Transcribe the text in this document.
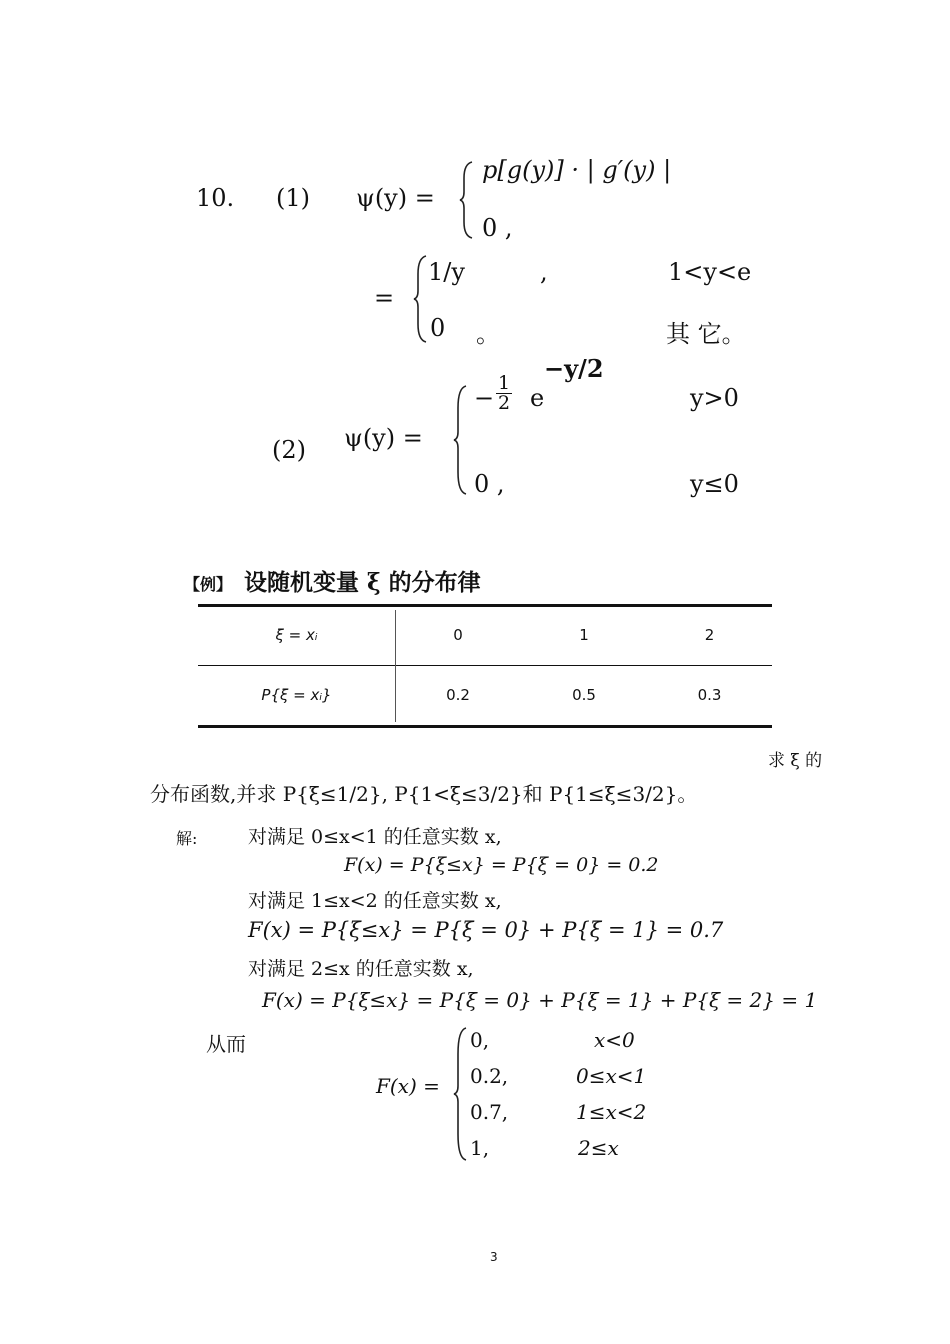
10. (1) ψ(y) =
p[g(y)] · | g′(y) |
0 ,
=
1/y	,	1<y<e
0 。	其 它。
(2) ψ(y) =
− $\frac{1}{2}$ e
−y/2
y>0
0 ,	y≤0
【例】 设随机变量 ξ 的分布律
ξ = xᵢ	0	1	2
P{ξ = xᵢ}	0.2	0.5	0.3
求 ξ 的
分布函数,并求 P{ξ≤1/2}, P{1<ξ≤3/2}和 P{1≤ξ≤3/2}。
解:	对满足 0≤x<1 的任意实数 x,
F(x) = P{ξ≤x} = P{ξ = 0} = 0.2
对满足 1≤x<2 的任意实数 x,
F(x) = P{ξ≤x} = P{ξ = 0} + P{ξ = 1} = 0.7
对满足 2≤x 的任意实数 x,
F(x) = P{ξ≤x} = P{ξ = 0} + P{ξ = 1} + P{ξ = 2} = 1
从而
F(x) =
0,	x<0
0.2,	0≤x<1
0.7,	1≤x<2
1,	2≤x
3
